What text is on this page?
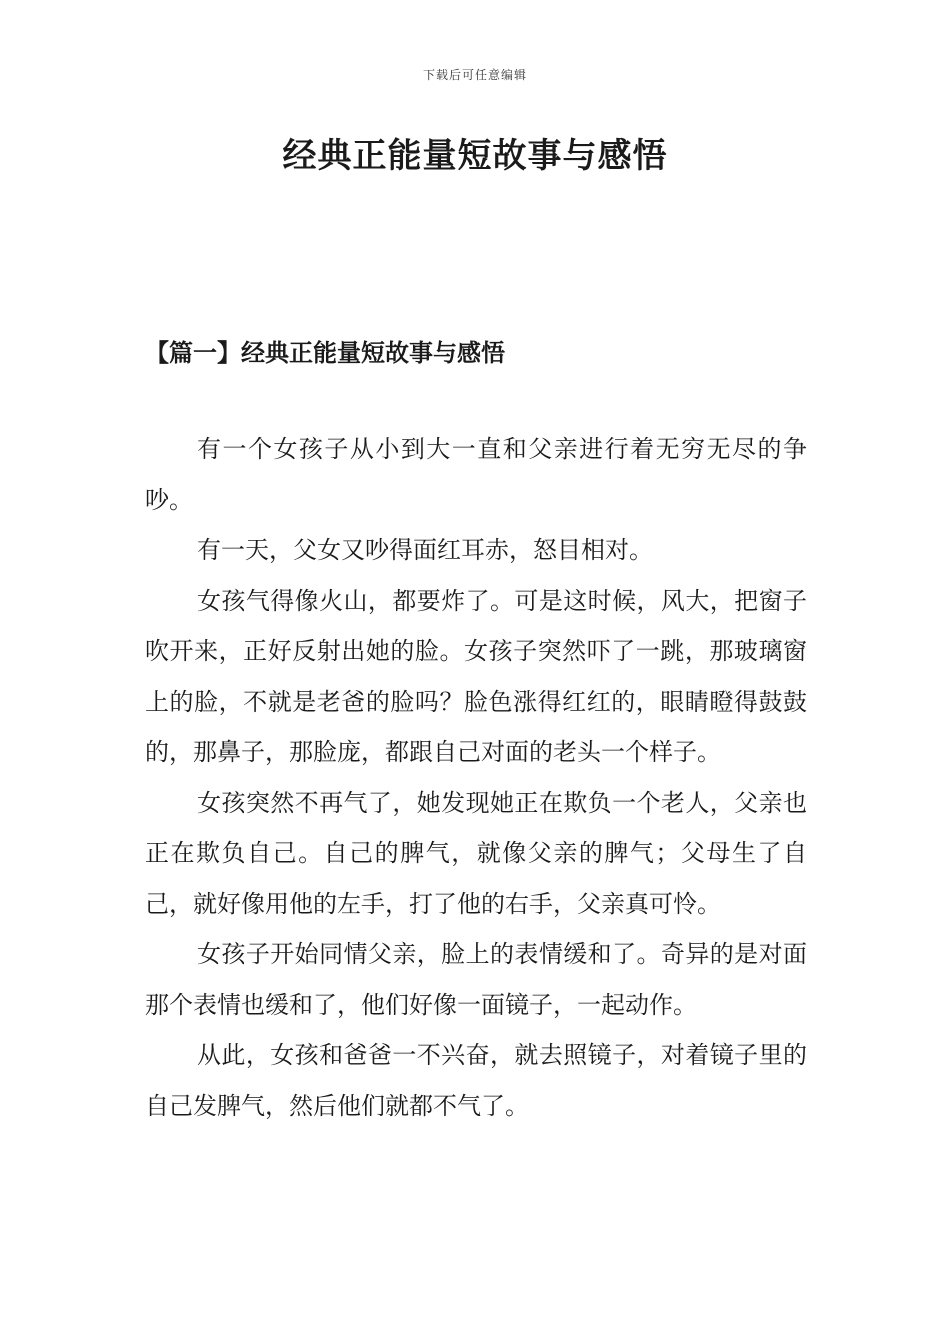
下载后可任意编辑
经典正能量短故事与感悟
【篇一】经典正能量短故事与感悟

有一个女孩子从小到大一直和父亲进行着无穷无尽的争吵。

有一天，父女又吵得面红耳赤，怒目相对。

女孩气得像火山，都要炸了。可是这时候，风大，把窗子吹开来，正好反射出她的脸。女孩子突然吓了一跳，那玻璃窗上的脸，不就是老爸的脸吗？脸色涨得红红的，眼睛瞪得鼓鼓的，那鼻子，那脸庞，都跟自己对面的老头一个样子。

女孩突然不再气了，她发现她正在欺负一个老人，父亲也正在欺负自己。自己的脾气，就像父亲的脾气；父母生了自己，就好像用他的左手，打了他的右手，父亲真可怜。

女孩子开始同情父亲，脸上的表情缓和了。奇异的是对面那个表情也缓和了，他们好像一面镜子，一起动作。

从此，女孩和爸爸一不兴奋，就去照镜子，对着镜子里的自己发脾气，然后他们就都不气了。
